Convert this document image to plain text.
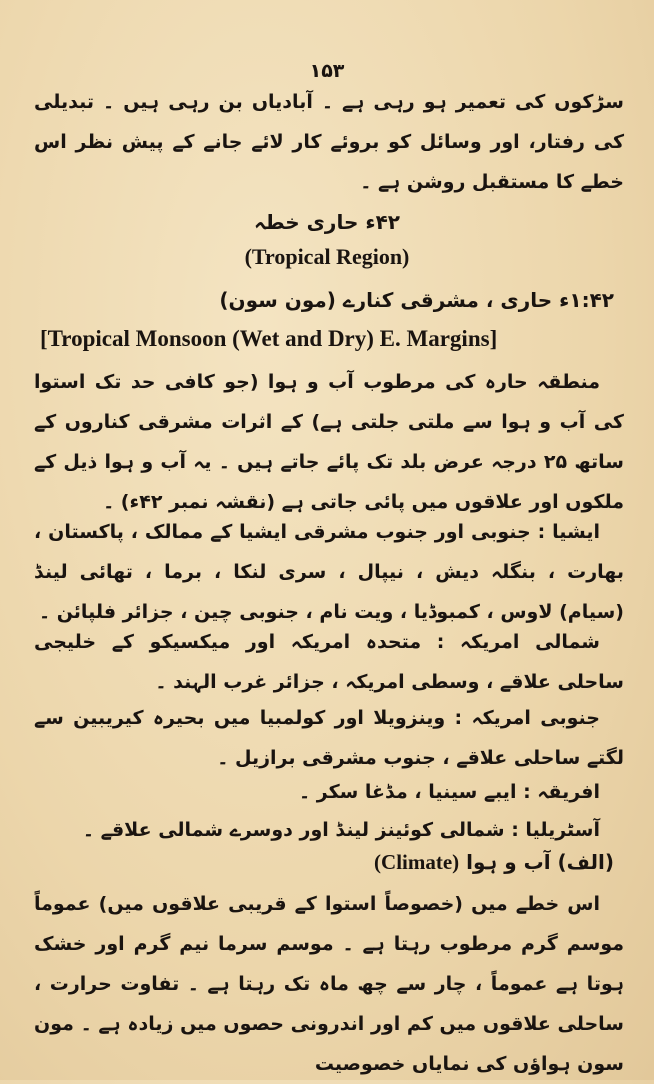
۱۵۳

سڑکوں کی تعمیر ہو رہی ہے ۔ آبادیاں بن رہی ہیں ۔ تبدیلی کی رفتار، اور وسائل کو بروئے کار لائے جانے کے پیش نظر اس خطے کا مستقبل روشن ہے ۔

۴۲ء حاری خطہ
(Tropical Region)
۱:۴۲ء حاری ، مشرقی کنارے (مون سون)
[Tropical Monsoon (Wet and Dry) E. Margins]

منطقہ حارہ کی مرطوب آب و ہوا (جو کافی حد تک استوا کی آب و ہوا سے ملتی جلتی ہے) کے اثرات مشرقی کناروں کے ساتھ ۲۵ درجہ عرض بلد تک پائے جاتے ہیں ۔ یہ آب و ہوا ذیل کے ملکوں اور علاقوں میں پائی جاتی ہے (نقشہ نمبر ۴۲ء) ۔

ایشیا : جنوبی اور جنوب مشرقی ایشیا کے ممالک ، پاکستان ، بھارت ، بنگلہ دیش ، نیپال ، سری لنکا ، برما ، تھائی لینڈ (سیام) لاوس ، کمبوڈیا ، ویت نام ، جنوبی چین ، جزائر فلپائن ۔

شمالی امریکہ : متحدہ امریکہ اور میکسیکو کے خلیجی ساحلی علاقے ، وسطی امریکہ ، جزائر غرب الہند ۔

جنوبی امریکہ : وینزویلا اور کولمبیا میں بحیرہ کیریبین سے لگتے ساحلی علاقے ، جنوب مشرقی برازیل ۔

افریقہ : ایبے سینیا ، مڈغا سکر ۔

آسٹریلیا : شمالی کوئینز لینڈ اور دوسرے شمالی علاقے ۔

(Climate) (الف) آب و ہوا

اس خطے میں (خصوصاً استوا کے قریبی علاقوں میں) عموماً موسم گرم مرطوب رہتا ہے ۔ موسم سرما نیم گرم اور خشک ہوتا ہے عموماً ، چار سے چھ ماہ تک رہتا ہے ۔ تفاوت حرارت ، ساحلی علاقوں میں کم اور اندرونی حصوں میں زیادہ ہے ۔ مون سون ہواؤں کی نمایاں خصوصیت
